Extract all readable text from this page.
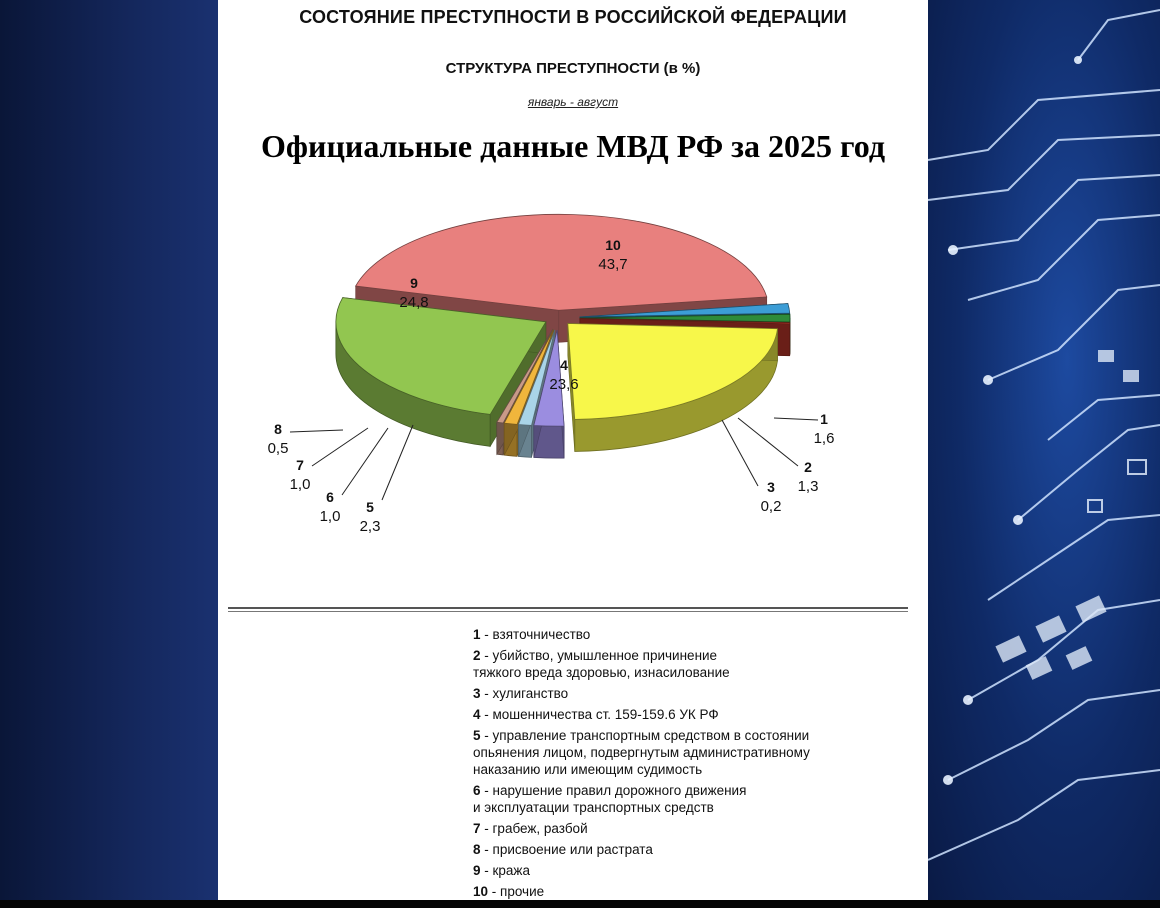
СОСТОЯНИЕ ПРЕСТУПНОСТИ В РОССИЙСКОЙ ФЕДЕРАЦИИ
СТРУКТУРА ПРЕСТУПНОСТИ (в %)
январь - август
Официальные данные МВД РФ за 2025 год
1
1,6
2
1,3
3
0,2
4
23,6
5
2,3
6
1,0
7
1,0
8
0,5
9
24,8
10
43,7
1 - взяточничество
2 - убийство, умышленное причинение
тяжкого вреда здоровью, изнасилование
3 - хулиганство
4 - мошенничества ст. 159-159.6 УК РФ
5 - управление транспортным средством в состоянии
опьянения лицом, подвергнутым административному
наказанию или имеющим судимость
6 - нарушение правил дорожного движения
и эксплуатации транспортных средств
7 - грабеж, разбой
8 - присвоение или растрата
9 - кража
10 - прочие
